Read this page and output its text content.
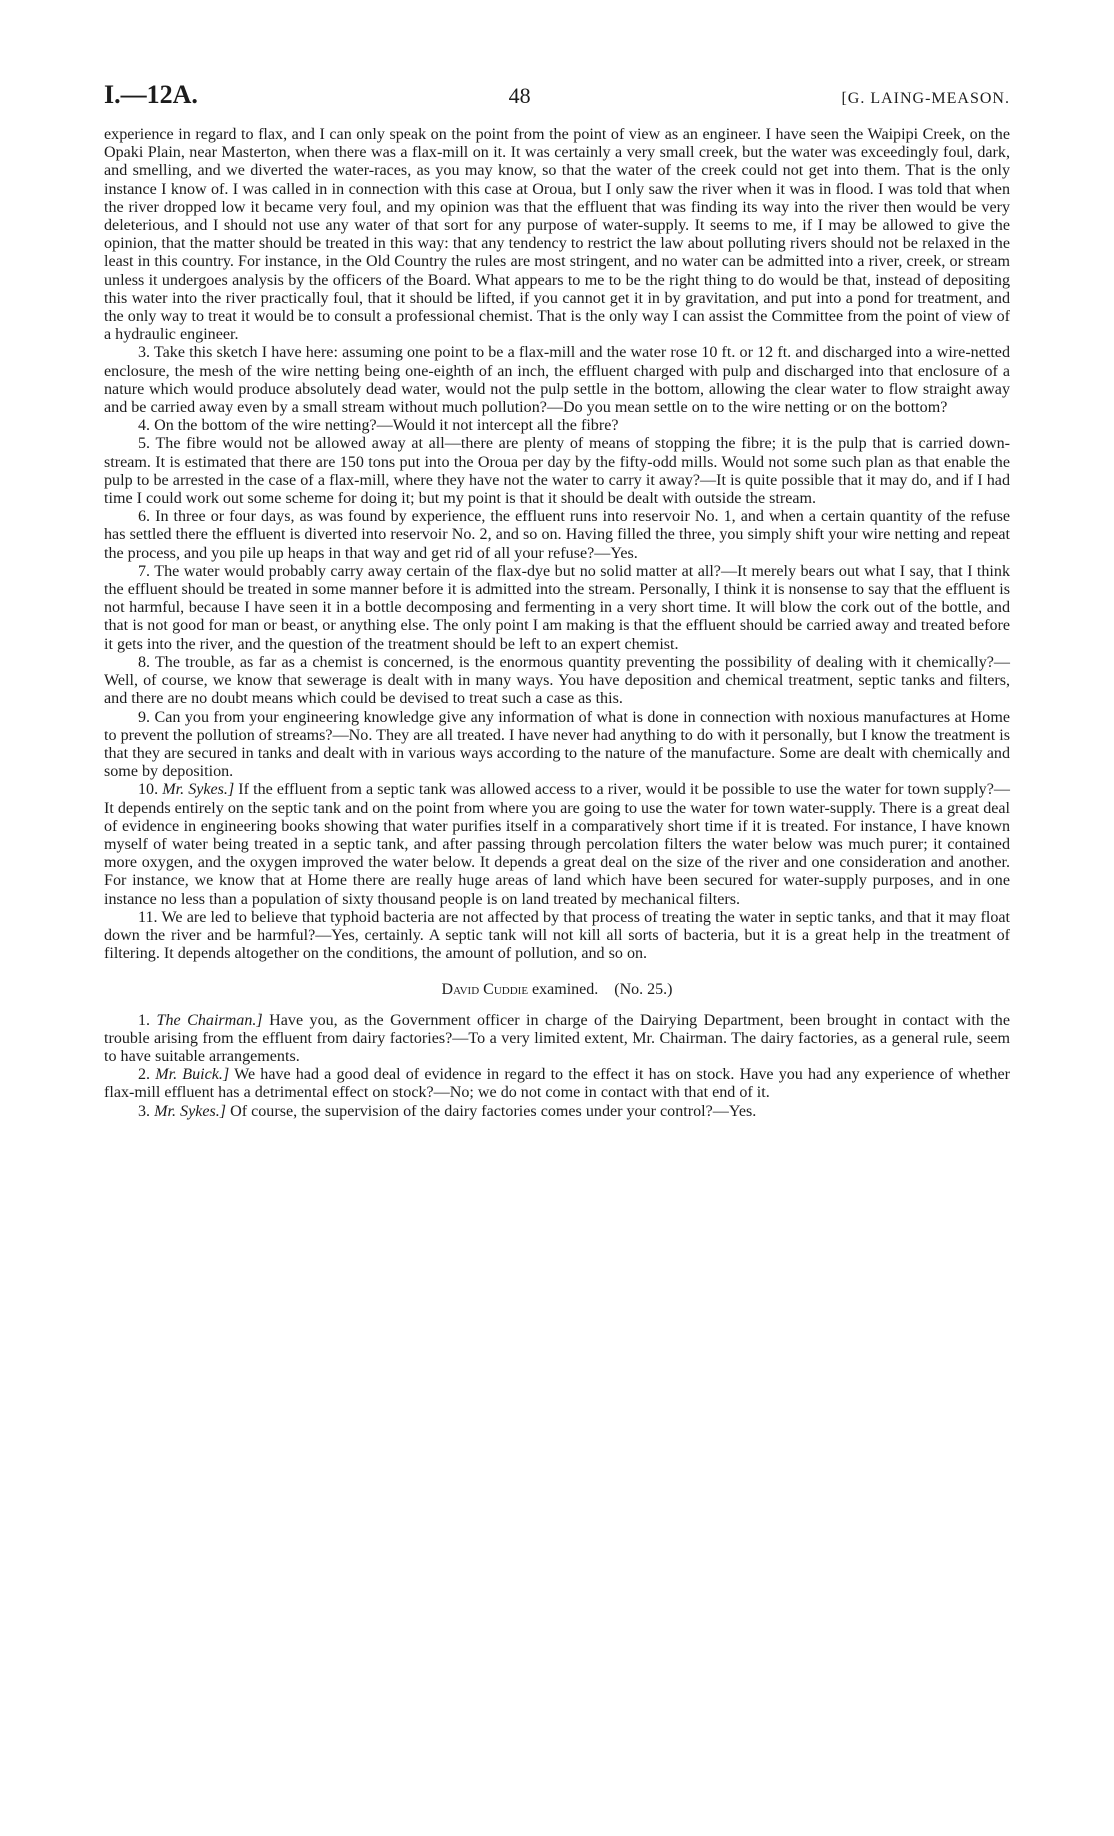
I.—12A.	48	[G. LAING-MEASON.

experience in regard to flax, and I can only speak on the point from the point of view as an engineer. I have seen the Waipipi Creek, on the Opaki Plain, near Masterton, when there was a flax-mill on it. It was certainly a very small creek, but the water was exceedingly foul, dark, and smelling, and we diverted the water-races, as you may know, so that the water of the creek could not get into them. That is the only instance I know of. I was called in in connection with this case at Oroua, but I only saw the river when it was in flood. I was told that when the river dropped low it became very foul, and my opinion was that the effluent that was finding its way into the river then would be very deleterious, and I should not use any water of that sort for any purpose of water-supply. It seems to me, if I may be allowed to give the opinion, that the matter should be treated in this way: that any tendency to restrict the law about polluting rivers should not be relaxed in the least in this country. For instance, in the Old Country the rules are most stringent, and no water can be admitted into a river, creek, or stream unless it undergoes analysis by the officers of the Board. What appears to me to be the right thing to do would be that, instead of depositing this water into the river practically foul, that it should be lifted, if you cannot get it in by gravitation, and put into a pond for treatment, and the only way to treat it would be to consult a professional chemist. That is the only way I can assist the Committee from the point of view of a hydraulic engineer.

3. Take this sketch I have here: assuming one point to be a flax-mill and the water rose 10 ft. or 12 ft. and discharged into a wire-netted enclosure, the mesh of the wire netting being one-eighth of an inch, the effluent charged with pulp and discharged into that enclosure of a nature which would produce absolutely dead water, would not the pulp settle in the bottom, allowing the clear water to flow straight away and be carried away even by a small stream without much pollution?—Do you mean settle on to the wire netting or on the bottom?

4. On the bottom of the wire netting?—Would it not intercept all the fibre?

5. The fibre would not be allowed away at all—there are plenty of means of stopping the fibre; it is the pulp that is carried down-stream. It is estimated that there are 150 tons put into the Oroua per day by the fifty-odd mills. Would not some such plan as that enable the pulp to be arrested in the case of a flax-mill, where they have not the water to carry it away?—It is quite possible that it may do, and if I had time I could work out some scheme for doing it; but my point is that it should be dealt with outside the stream.

6. In three or four days, as was found by experience, the effluent runs into reservoir No. 1, and when a certain quantity of the refuse has settled there the effluent is diverted into reservoir No. 2, and so on. Having filled the three, you simply shift your wire netting and repeat the process, and you pile up heaps in that way and get rid of all your refuse?—Yes.

7. The water would probably carry away certain of the flax-dye but no solid matter at all?—It merely bears out what I say, that I think the effluent should be treated in some manner before it is admitted into the stream. Personally, I think it is nonsense to say that the effluent is not harmful, because I have seen it in a bottle decomposing and fermenting in a very short time. It will blow the cork out of the bottle, and that is not good for man or beast, or anything else. The only point I am making is that the effluent should be carried away and treated before it gets into the river, and the question of the treatment should be left to an expert chemist.

8. The trouble, as far as a chemist is concerned, is the enormous quantity preventing the possibility of dealing with it chemically?—Well, of course, we know that sewerage is dealt with in many ways. You have deposition and chemical treatment, septic tanks and filters, and there are no doubt means which could be devised to treat such a case as this.

9. Can you from your engineering knowledge give any information of what is done in connection with noxious manufactures at Home to prevent the pollution of streams?—No. They are all treated. I have never had anything to do with it personally, but I know the treatment is that they are secured in tanks and dealt with in various ways according to the nature of the manufacture. Some are dealt with chemically and some by deposition.

10. Mr. Sykes.] If the effluent from a septic tank was allowed access to a river, would it be possible to use the water for town supply?—It depends entirely on the septic tank and on the point from where you are going to use the water for town water-supply. There is a great deal of evidence in engineering books showing that water purifies itself in a comparatively short time if it is treated. For instance, I have known myself of water being treated in a septic tank, and after passing through percolation filters the water below was much purer; it contained more oxygen, and the oxygen improved the water below. It depends a great deal on the size of the river and one consideration and another. For instance, we know that at Home there are really huge areas of land which have been secured for water-supply purposes, and in one instance no less than a population of sixty thousand people is on land treated by mechanical filters.

11. We are led to believe that typhoid bacteria are not affected by that process of treating the water in septic tanks, and that it may float down the river and be harmful?—Yes, certainly. A septic tank will not kill all sorts of bacteria, but it is a great help in the treatment of filtering. It depends altogether on the conditions, the amount of pollution, and so on.

David Cuddie examined. (No. 25.)

1. The Chairman.] Have you, as the Government officer in charge of the Dairying Department, been brought in contact with the trouble arising from the effluent from dairy factories?—To a very limited extent, Mr. Chairman. The dairy factories, as a general rule, seem to have suitable arrangements.

2. Mr. Buick.] We have had a good deal of evidence in regard to the effect it has on stock. Have you had any experience of whether flax-mill effluent has a detrimental effect on stock?—No; we do not come in contact with that end of it.

3. Mr. Sykes.] Of course, the supervision of the dairy factories comes under your control?—Yes.
